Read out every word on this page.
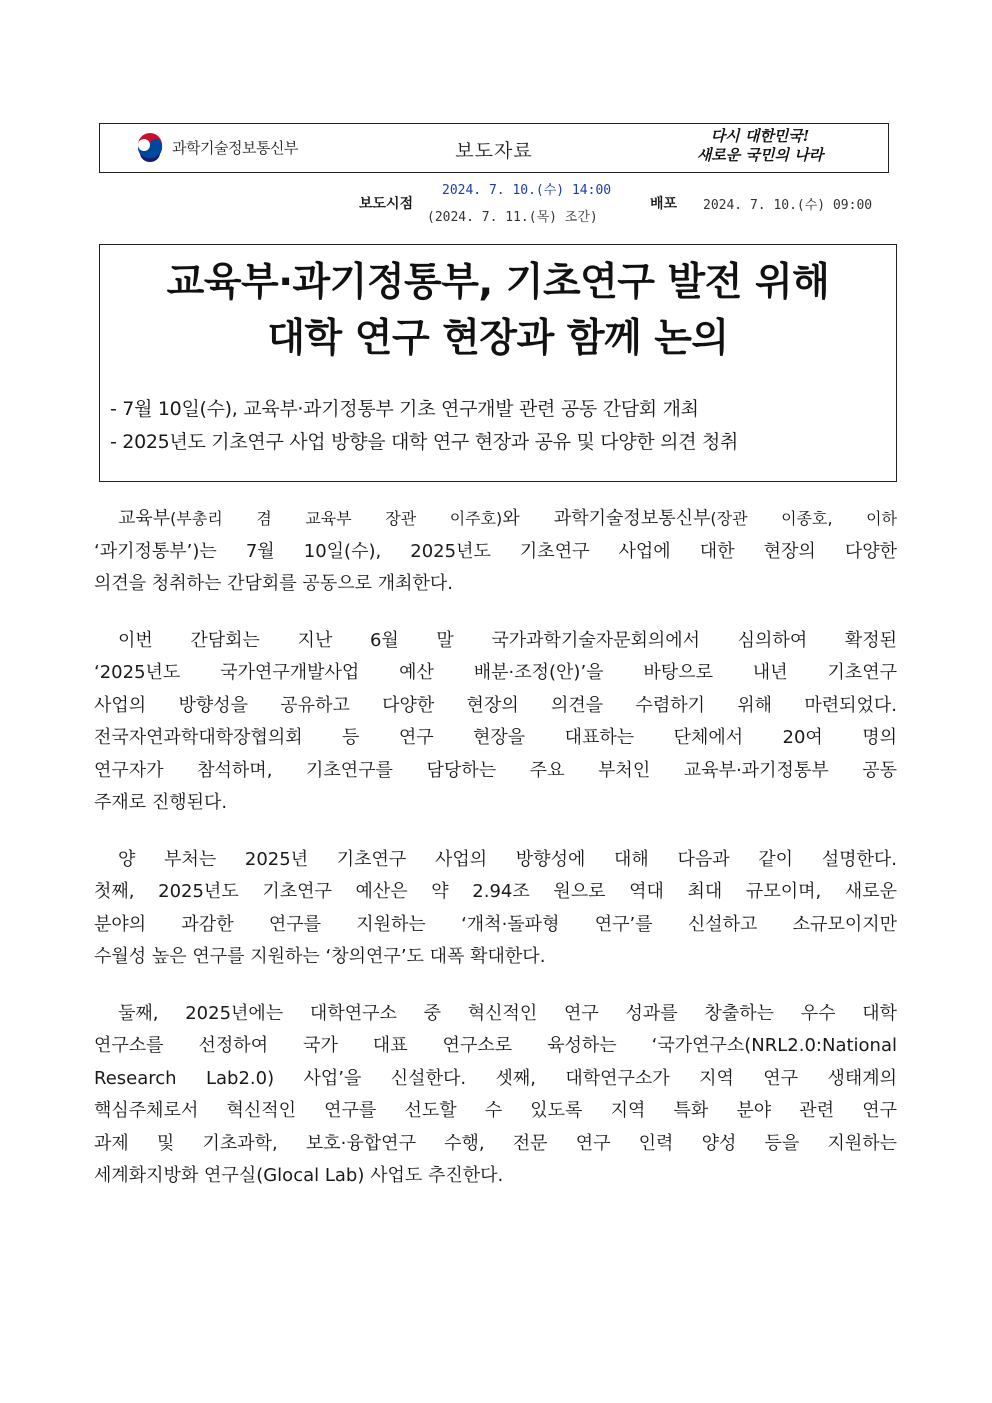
과학기술정보통신부	보도자료
다시 대한민국!
새로운 국민의 나라
보도시점
2024. 7. 10.(수) 14:00
(2024. 7. 11.(목) 조간)
배포 2024. 7. 10.(수) 09:00
교육부·과기정통부, 기초연구 발전 위해
대학 연구 현장과 함께 논의
- 7월 10일(수), 교육부·과기정통부 기초 연구개발 관련 공동 간담회 개최
- 2025년도 기초연구 사업 방향을 대학 연구 현장과 공유 및 다양한 의견 청취

교육부(부총리 겸 교육부 장관 이주호)와 과학기술정보통신부(장관 이종호, 이하
‘과기정통부’)는 7월 10일(수), 2025년도 기초연구 사업에 대한 현장의 다양한
의견을 청취하는 간담회를 공동으로 개최한다.

이번 간담회는 지난 6월 말 국가과학기술자문회의에서 심의하여 확정된
‘2025년도 국가연구개발사업 예산 배분·조정(안)’을 바탕으로 내년 기초연구
사업의 방향성을 공유하고 다양한 현장의 의견을 수렴하기 위해 마련되었다.
전국자연과학대학장협의회 등 연구 현장을 대표하는 단체에서 20여 명의
연구자가 참석하며, 기초연구를 담당하는 주요 부처인 교육부·과기정통부 공동
주재로 진행된다.

양 부처는 2025년 기초연구 사업의 방향성에 대해 다음과 같이 설명한다.
첫째, 2025년도 기초연구 예산은 약 2.94조 원으로 역대 최대 규모이며, 새로운
분야의 과감한 연구를 지원하는 ‘개척·돌파형 연구’를 신설하고 소규모이지만
수월성 높은 연구를 지원하는 ‘창의연구’도 대폭 확대한다.

둘째, 2025년에는 대학연구소 중 혁신적인 연구 성과를 창출하는 우수 대학
연구소를 선정하여 국가 대표 연구소로 육성하는 ‘국가연구소(NRL2.0:National
Research Lab2.0) 사업’을 신설한다. 셋째, 대학연구소가 지역 연구 생태계의
핵심주체로서 혁신적인 연구를 선도할 수 있도록 지역 특화 분야 관련 연구
과제 및 기초과학, 보호·융합연구 수행, 전문 연구 인력 양성 등을 지원하는
세계화지방화 연구실(Glocal Lab) 사업도 추진한다.
